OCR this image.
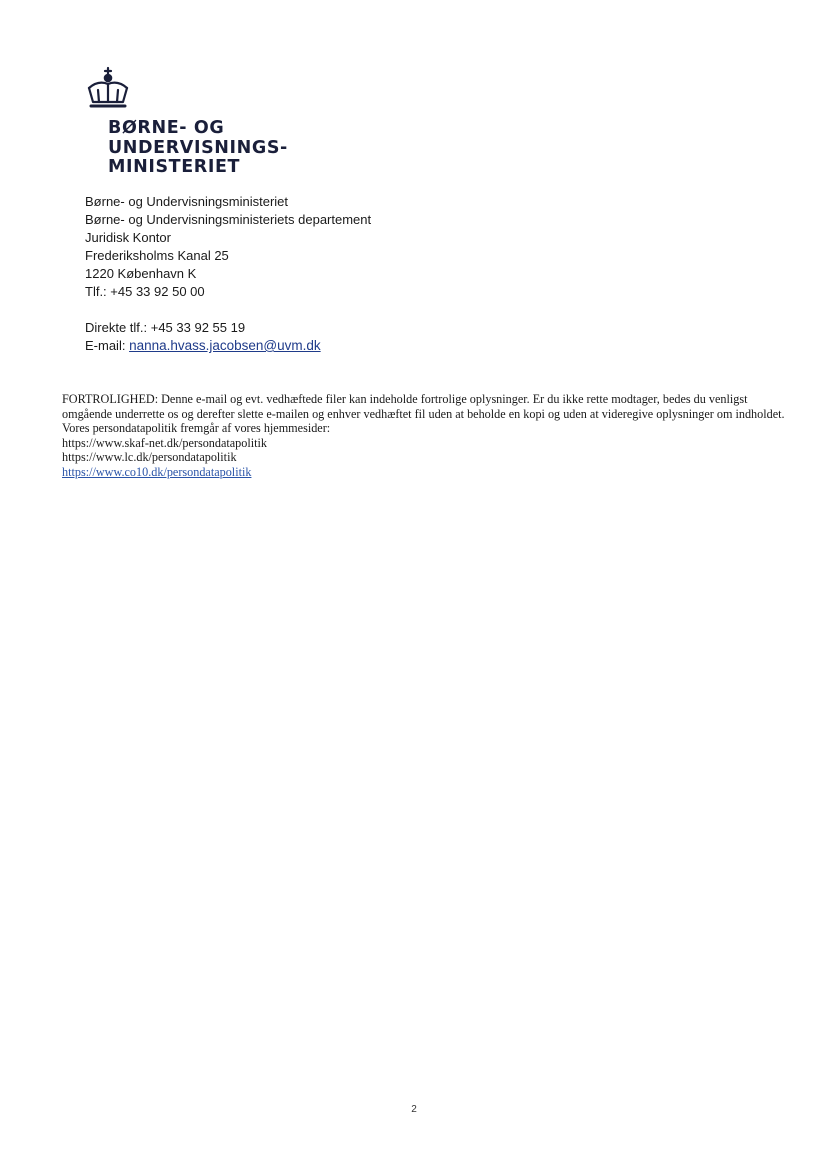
BØRNE- OG
UNDERVISNINGS-
MINISTERIET
Børne- og Undervisningsministeriet
Børne- og Undervisningsministeriets departement
Juridisk Kontor
Frederiksholms Kanal 25
1220 København K
Tlf.: +45 33 92 50 00
Direkte tlf.: +45 33 92 55 19
E-mail: nanna.hvass.jacobsen@uvm.dk

FORTROLIGHED: Denne e-mail og evt. vedhæftede filer kan indeholde fortrolige oplysninger. Er du ikke rette modtager, bedes du venligst omgående underrette os og derefter slette e-mailen og enhver vedhæftet fil uden at beholde en kopi og uden at videregive oplysninger om indholdet.

Vores persondatapolitik fremgår af vores hjemmesider:

https://www.skaf-net.dk/persondatapolitik

https://www.lc.dk/persondatapolitik

https://www.co10.dk/persondatapolitik

2
